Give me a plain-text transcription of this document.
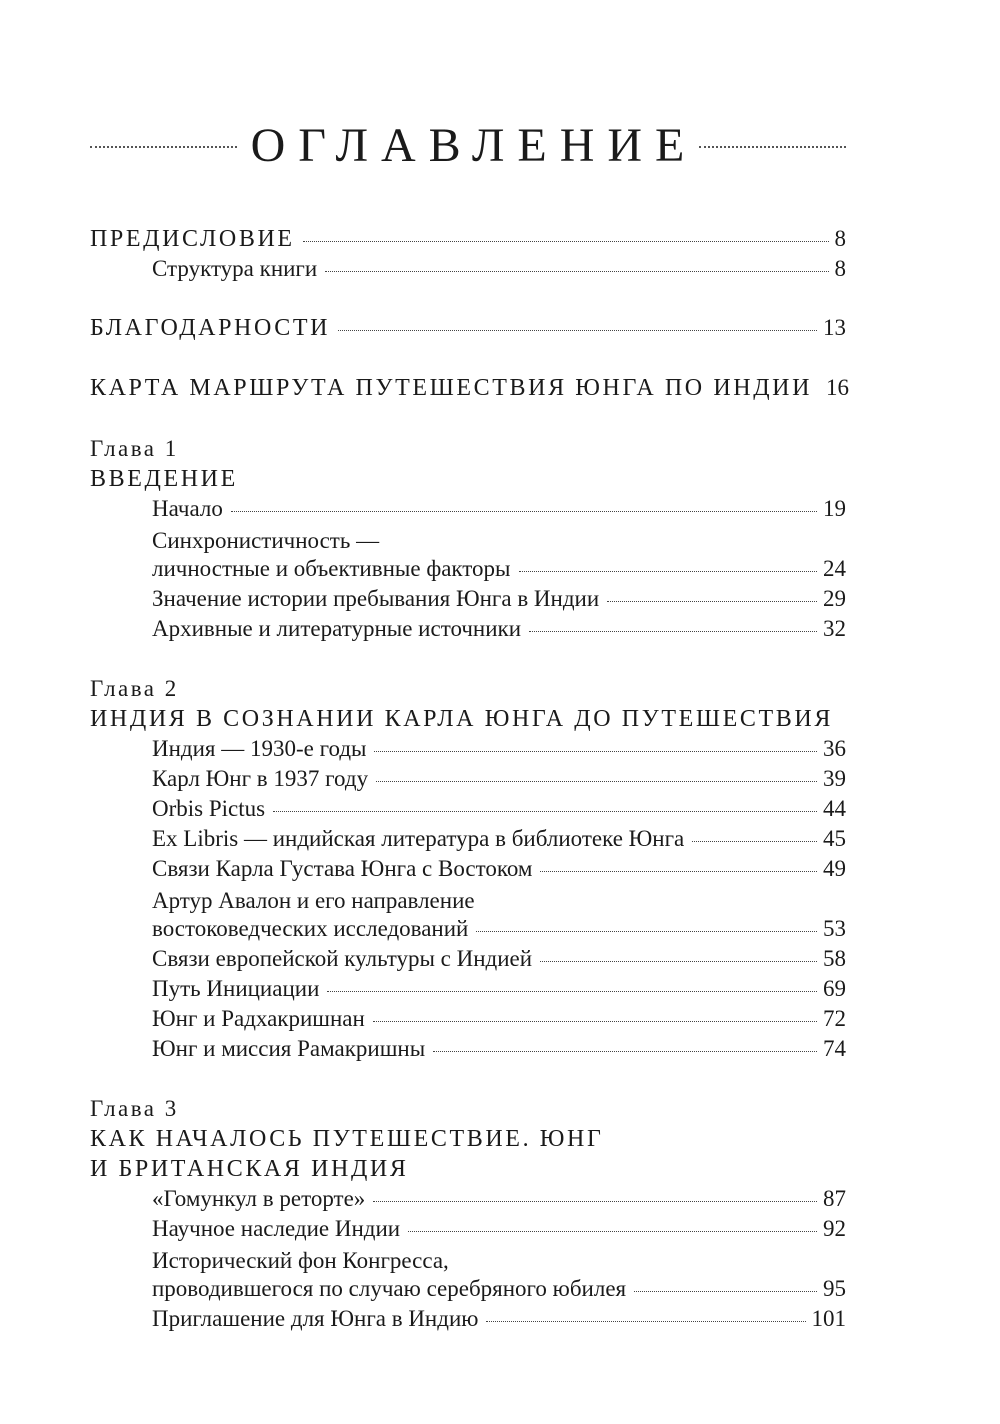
ОГЛАВЛЕНИЕ
ПРЕДИСЛОВИЕ	8
Структура книги	8
БЛАГОДАРНОСТИ	13
КАРТА МАРШРУТА ПУТЕШЕСТВИЯ ЮНГА ПО ИНДИИ 16
Глава 1
ВВЕДЕНИЕ
Начало	19
Синхронистичность —
личностные и объективные факторы	24
Значение истории пребывания Юнга в Индии	29
Архивные и литературные источники	32
Глава 2
ИНДИЯ В СОЗНАНИИ КАРЛА ЮНГА ДО ПУТЕШЕСТВИЯ
Индия — 1930-е годы	36
Карл Юнг в 1937 году	39
Orbis Pictus	44
Ex Libris — индийская литература в библиотеке Юнга	45
Связи Карла Густава Юнга с Востоком	49
Артур Авалон и его направление
востоковедческих исследований	53
Связи европейской культуры с Индией	58
Путь Инициации	69
Юнг и Радхакришнан	72
Юнг и миссия Рамакришны	74
Глава 3
КАК НАЧАЛОСЬ ПУТЕШЕСТВИЕ. ЮНГ
И БРИТАНСКАЯ ИНДИЯ
«Гомункул в реторте»	87
Научное наследие Индии	92
Исторический фон Конгресса,
проводившегося по случаю серебряного юбилея	95
Приглашение для Юнга в Индию	101
